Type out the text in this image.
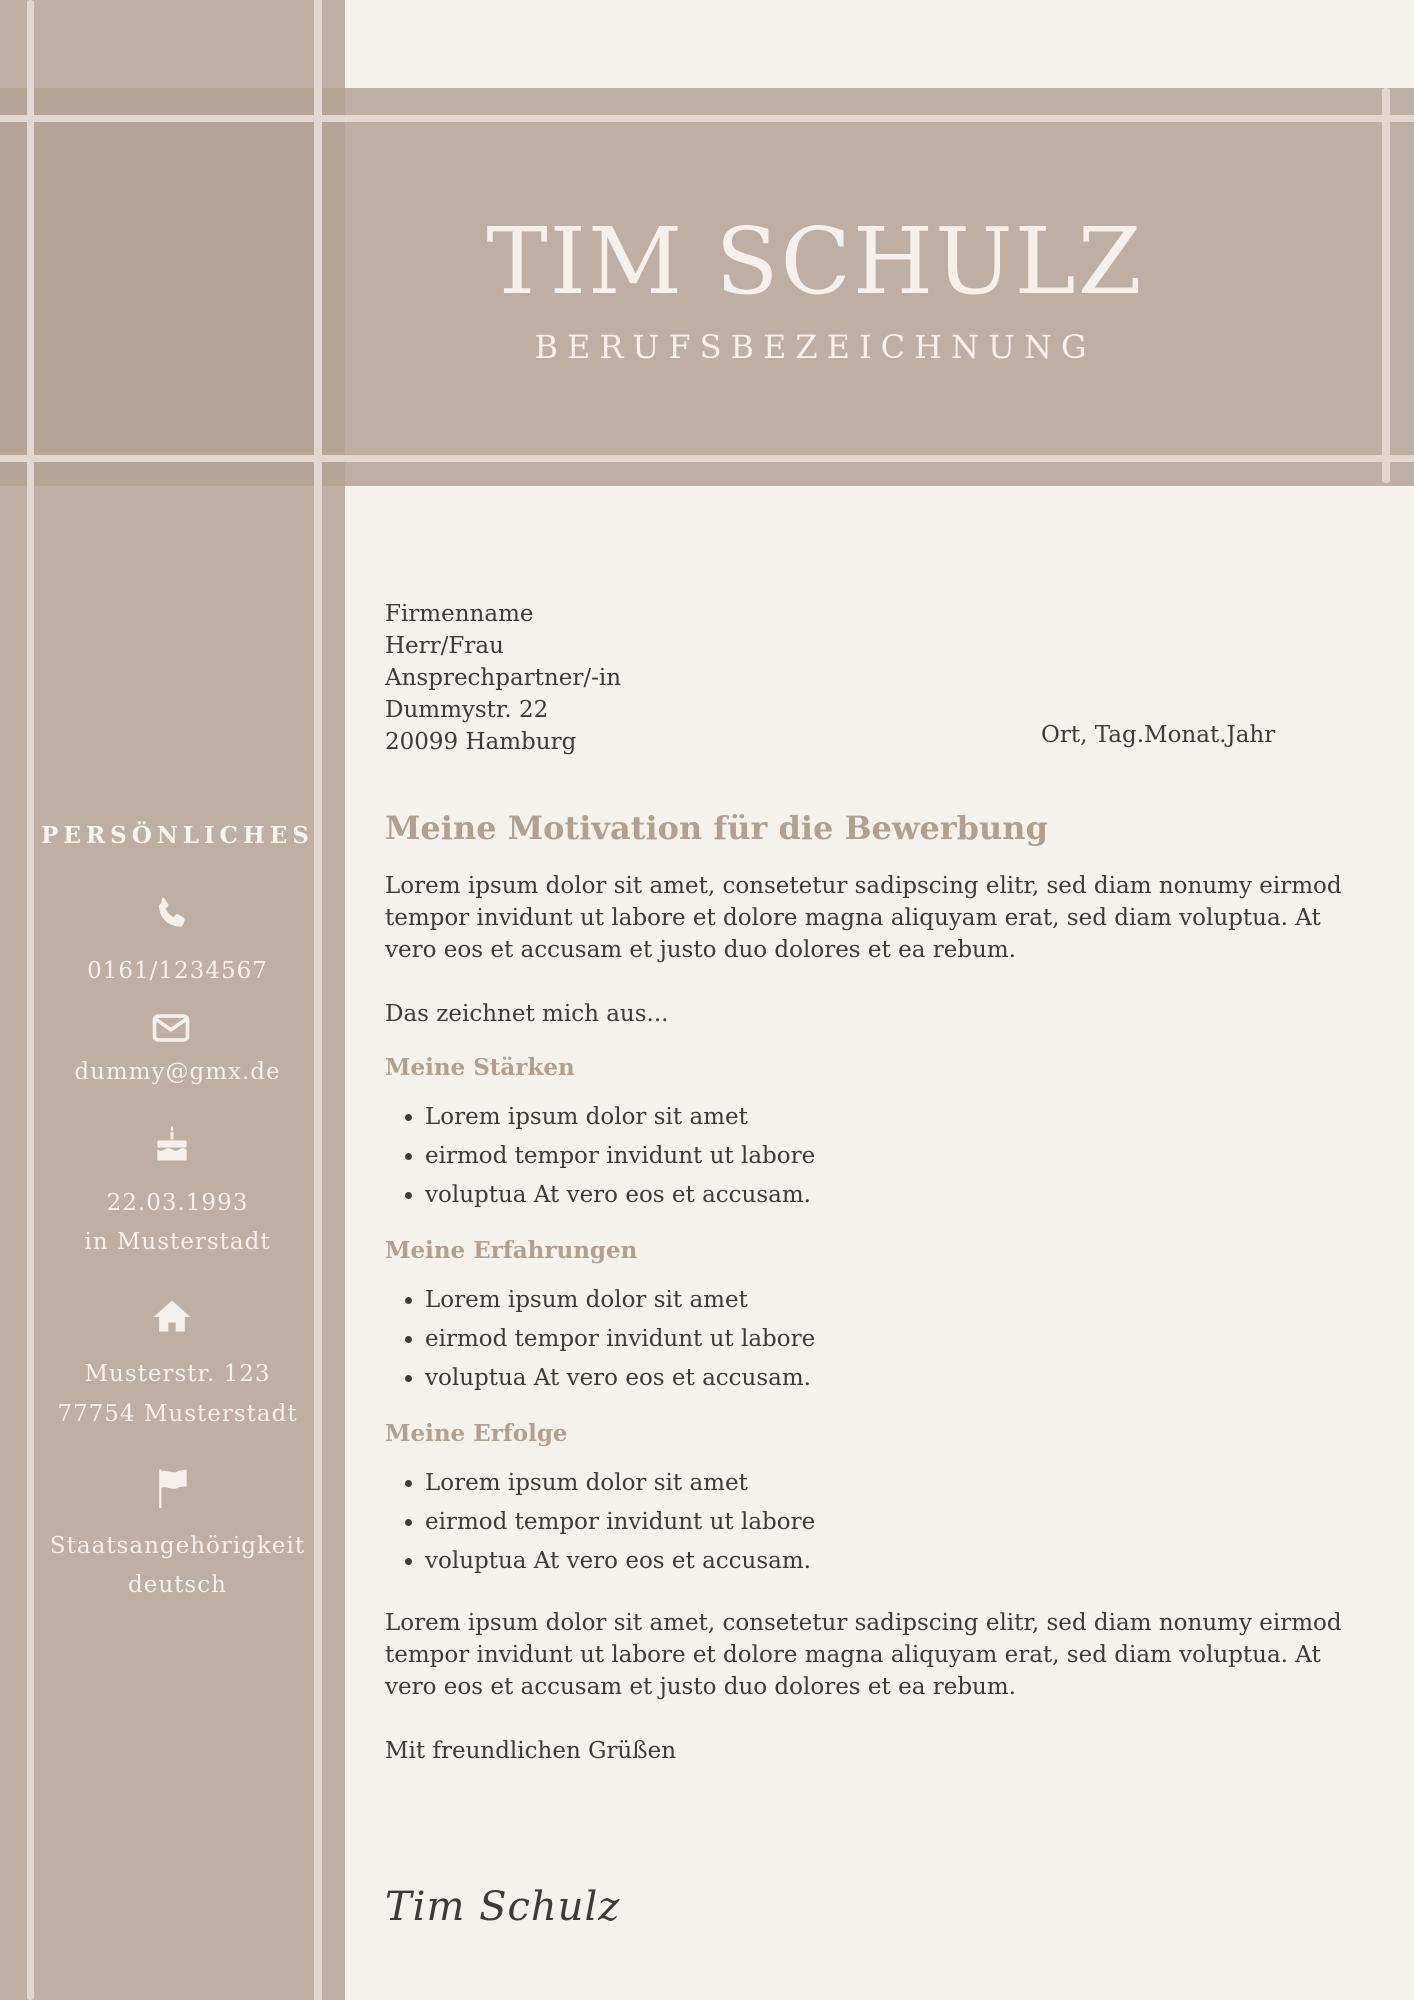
TIM SCHULZ
BERUFSBEZEICHNUNG
PERSÖNLICHES
0161/1234567
dummy@gmx.de
22.03.1993
in Musterstadt
Musterstr. 123
77754 Musterstadt
Staatsangehörigkeit
deutsch
Firmenname
Herr/Frau
Ansprechpartner/-in
Dummystr. 22
20099 Hamburg	Ort, Tag.Monat.Jahr
Meine Motivation für die Bewerbung

Lorem ipsum dolor sit amet, consetetur sadipscing elitr, sed diam nonumy eirmod tempor invidunt ut labore et dolore magna aliquyam erat, sed diam voluptua. At vero eos et accusam et justo duo dolores et ea rebum.

Das zeichnet mich aus...

Meine Stärken
• Lorem ipsum dolor sit amet
• eirmod tempor invidunt ut labore
• voluptua At vero eos et accusam.
Meine Erfahrungen
• Lorem ipsum dolor sit amet
• eirmod tempor invidunt ut labore
• voluptua At vero eos et accusam.
Meine Erfolge
• Lorem ipsum dolor sit amet
• eirmod tempor invidunt ut labore
• voluptua At vero eos et accusam.

Lorem ipsum dolor sit amet, consetetur sadipscing elitr, sed diam nonumy eirmod tempor invidunt ut labore et dolore magna aliquyam erat, sed diam voluptua. At vero eos et accusam et justo duo dolores et ea rebum.

Mit freundlichen Grüßen

Tim Schulz
